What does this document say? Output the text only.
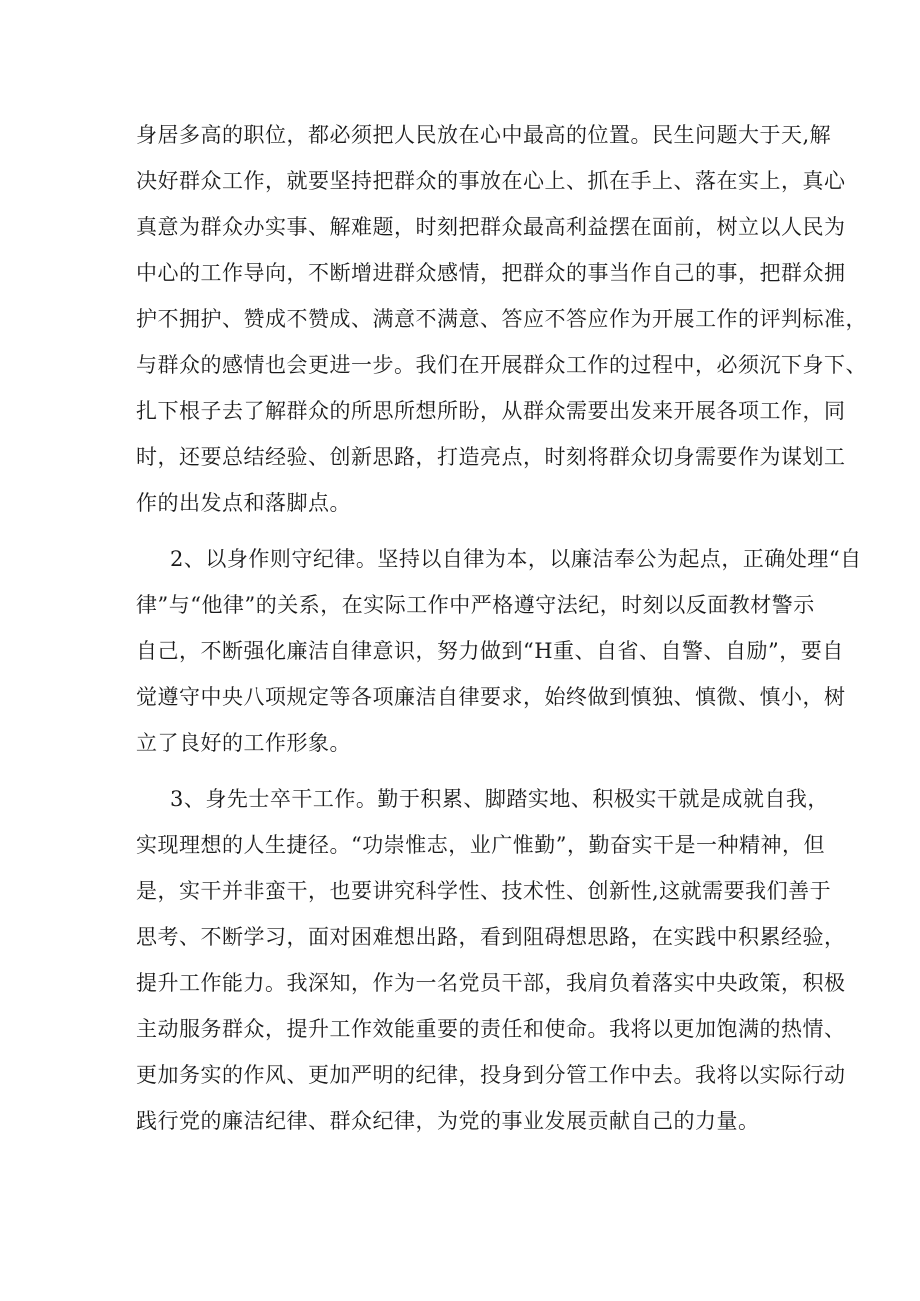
身居多高的职位，都必须把人民放在心中最高的位置。民生问题大于天,解
决好群众工作，就要坚持把群众的事放在心上、抓在手上、落在实上，真心
真意为群众办实事、解难题，时刻把群众最高利益摆在面前，树立以人民为
中心的工作导向，不断增进群众感情，把群众的事当作自己的事，把群众拥
护不拥护、赞成不赞成、满意不满意、答应不答应作为开展工作的评判标准，
与群众的感情也会更进一步。我们在开展群众工作的过程中，必须沉下身下、
扎下根子去了解群众的所思所想所盼，从群众需要出发来开展各项工作，同
时，还要总结经验、创新思路，打造亮点，时刻将群众切身需要作为谋划工
作的出发点和落脚点。
2、以身作则守纪律。坚持以自律为本，以廉洁奉公为起点，正确处理“自
律”与“他律”的关系，在实际工作中严格遵守法纪，时刻以反面教材警示
自己，不断强化廉洁自律意识，努力做到“H重、自省、自警、自励”，要自
觉遵守中央八项规定等各项廉洁自律要求，始终做到慎独、慎微、慎小，树
立了良好的工作形象。
3、身先士卒干工作。勤于积累、脚踏实地、积极实干就是成就自我，
实现理想的人生捷径。“功崇惟志，业广惟勤”，勤奋实干是一种精神，但
是，实干并非蛮干，也要讲究科学性、技术性、创新性,这就需要我们善于
思考、不断学习，面对困难想出路，看到阻碍想思路，在实践中积累经验，
提升工作能力。我深知，作为一名党员干部，我肩负着落实中央政策，积极
主动服务群众，提升工作效能重要的责任和使命。我将以更加饱满的热情、
更加务实的作风、更加严明的纪律，投身到分管工作中去。我将以实际行动
践行党的廉洁纪律、群众纪律，为党的事业发展贡献自己的力量。
